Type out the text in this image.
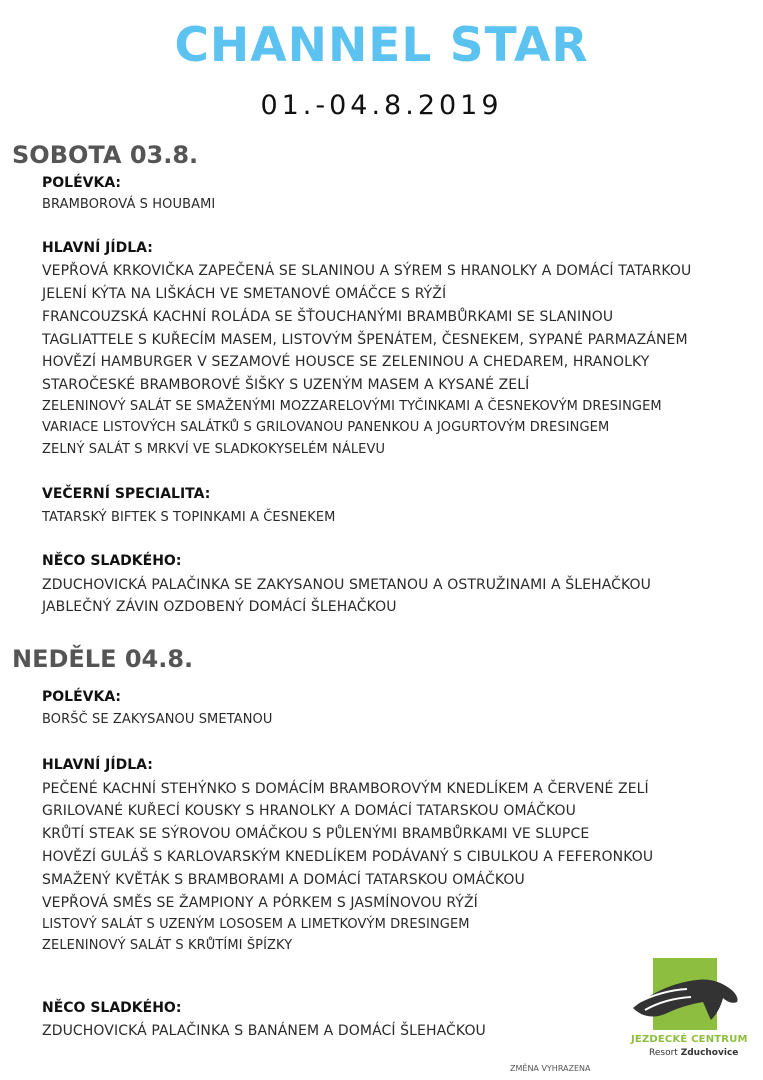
CHANNEL STAR
01.-04.8.2019
SOBOTA 03.8.
POLÉVKA:
BRAMBOROVÁ S HOUBAMI
HLAVNÍ JÍDLA:
VEPŘOVÁ KRKOVIČKA ZAPEČENÁ SE SLANINOU A SÝREM S HRANOLKY A DOMÁCÍ TATARKOU
JELENÍ KÝTA NA LIŠKÁCH VE SMETANOVÉ OMÁČCE S RÝŽÍ
FRANCOUZSKÁ KACHNÍ ROLÁDA SE ŠŤOUCHANÝMI BRAMBŮRKAMI SE SLANINOU
TAGLIATTELE S KUŘECÍM MASEM, LISTOVÝM ŠPENÁTEM, ČESNEKEM, SYPANÉ PARMAZÁNEM
HOVĚZÍ HAMBURGER V SEZAMOVÉ HOUSCE SE ZELENINOU A CHEDAREM, HRANOLKY
STAROČESKÉ BRAMBOROVÉ ŠIŠKY S UZENÝM MASEM A KYSANÉ ZELÍ
ZELENINOVÝ SALÁT SE SMAŽENÝMI MOZZARELOVÝMI TYČINKAMI A ČESNEKOVÝM DRESINGEM
VARIACE LISTOVÝCH SALÁTKŮ S GRILOVANOU PANENKOU A JOGURTOVÝM DRESINGEM
ZELNÝ SALÁT S MRKVÍ VE SLADKOKYSELÉM NÁLEVU
VEČERNÍ SPECIALITA:
TATARSKÝ BIFTEK S TOPINKAMI A ČESNEKEM
NĚCO SLADKÉHO:
ZDUCHOVICKÁ PALAČINKA SE ZAKYSANOU SMETANOU A OSTRUŽINAMI A ŠLEHAČKOU
JABLEČNÝ ZÁVIN OZDOBENÝ DOMÁCÍ ŠLEHAČKOU
NEDĚLE 04.8.
POLÉVKA:
BORŠČ SE ZAKYSANOU SMETANOU
HLAVNÍ JÍDLA:
PEČENÉ KACHNÍ STEHÝNKO S DOMÁCÍM BRAMBOROVÝM KNEDLÍKEM A ČERVENÉ ZELÍ
GRILOVANÉ KUŘECÍ KOUSKY S HRANOLKY A DOMÁCÍ TATARSKOU OMÁČKOU
KRŮTÍ STEAK SE SÝROVOU OMÁČKOU S PŮLENÝMI BRAMBŮRKAMI VE SLUPCE
HOVĚZÍ GULÁŠ S KARLOVARSKÝM KNEDLÍKEM PODÁVANÝ S CIBULKOU A FEFERONKOU
SMAŽENÝ KVĚTÁK S BRAMBORAMI A DOMÁCÍ TATARSKOU OMÁČKOU
VEPŘOVÁ SMĚS SE ŽAMPIONY A PÓRKEM S JASMÍNOVOU RÝŽÍ
LISTOVÝ SALÁT S UZENÝM LOSOSEM A LIMETKOVÝM DRESINGEM
ZELENINOVÝ SALÁT S KRŮTÍMI ŠPÍZKY
NĚCO SLADKÉHO:
ZDUCHOVICKÁ PALAČINKA S BANÁNEM A DOMÁCÍ ŠLEHAČKOU
JEZDECKÉ CENTRUM
Resort Zduchovice
ZMĚNA VYHRAZENA
